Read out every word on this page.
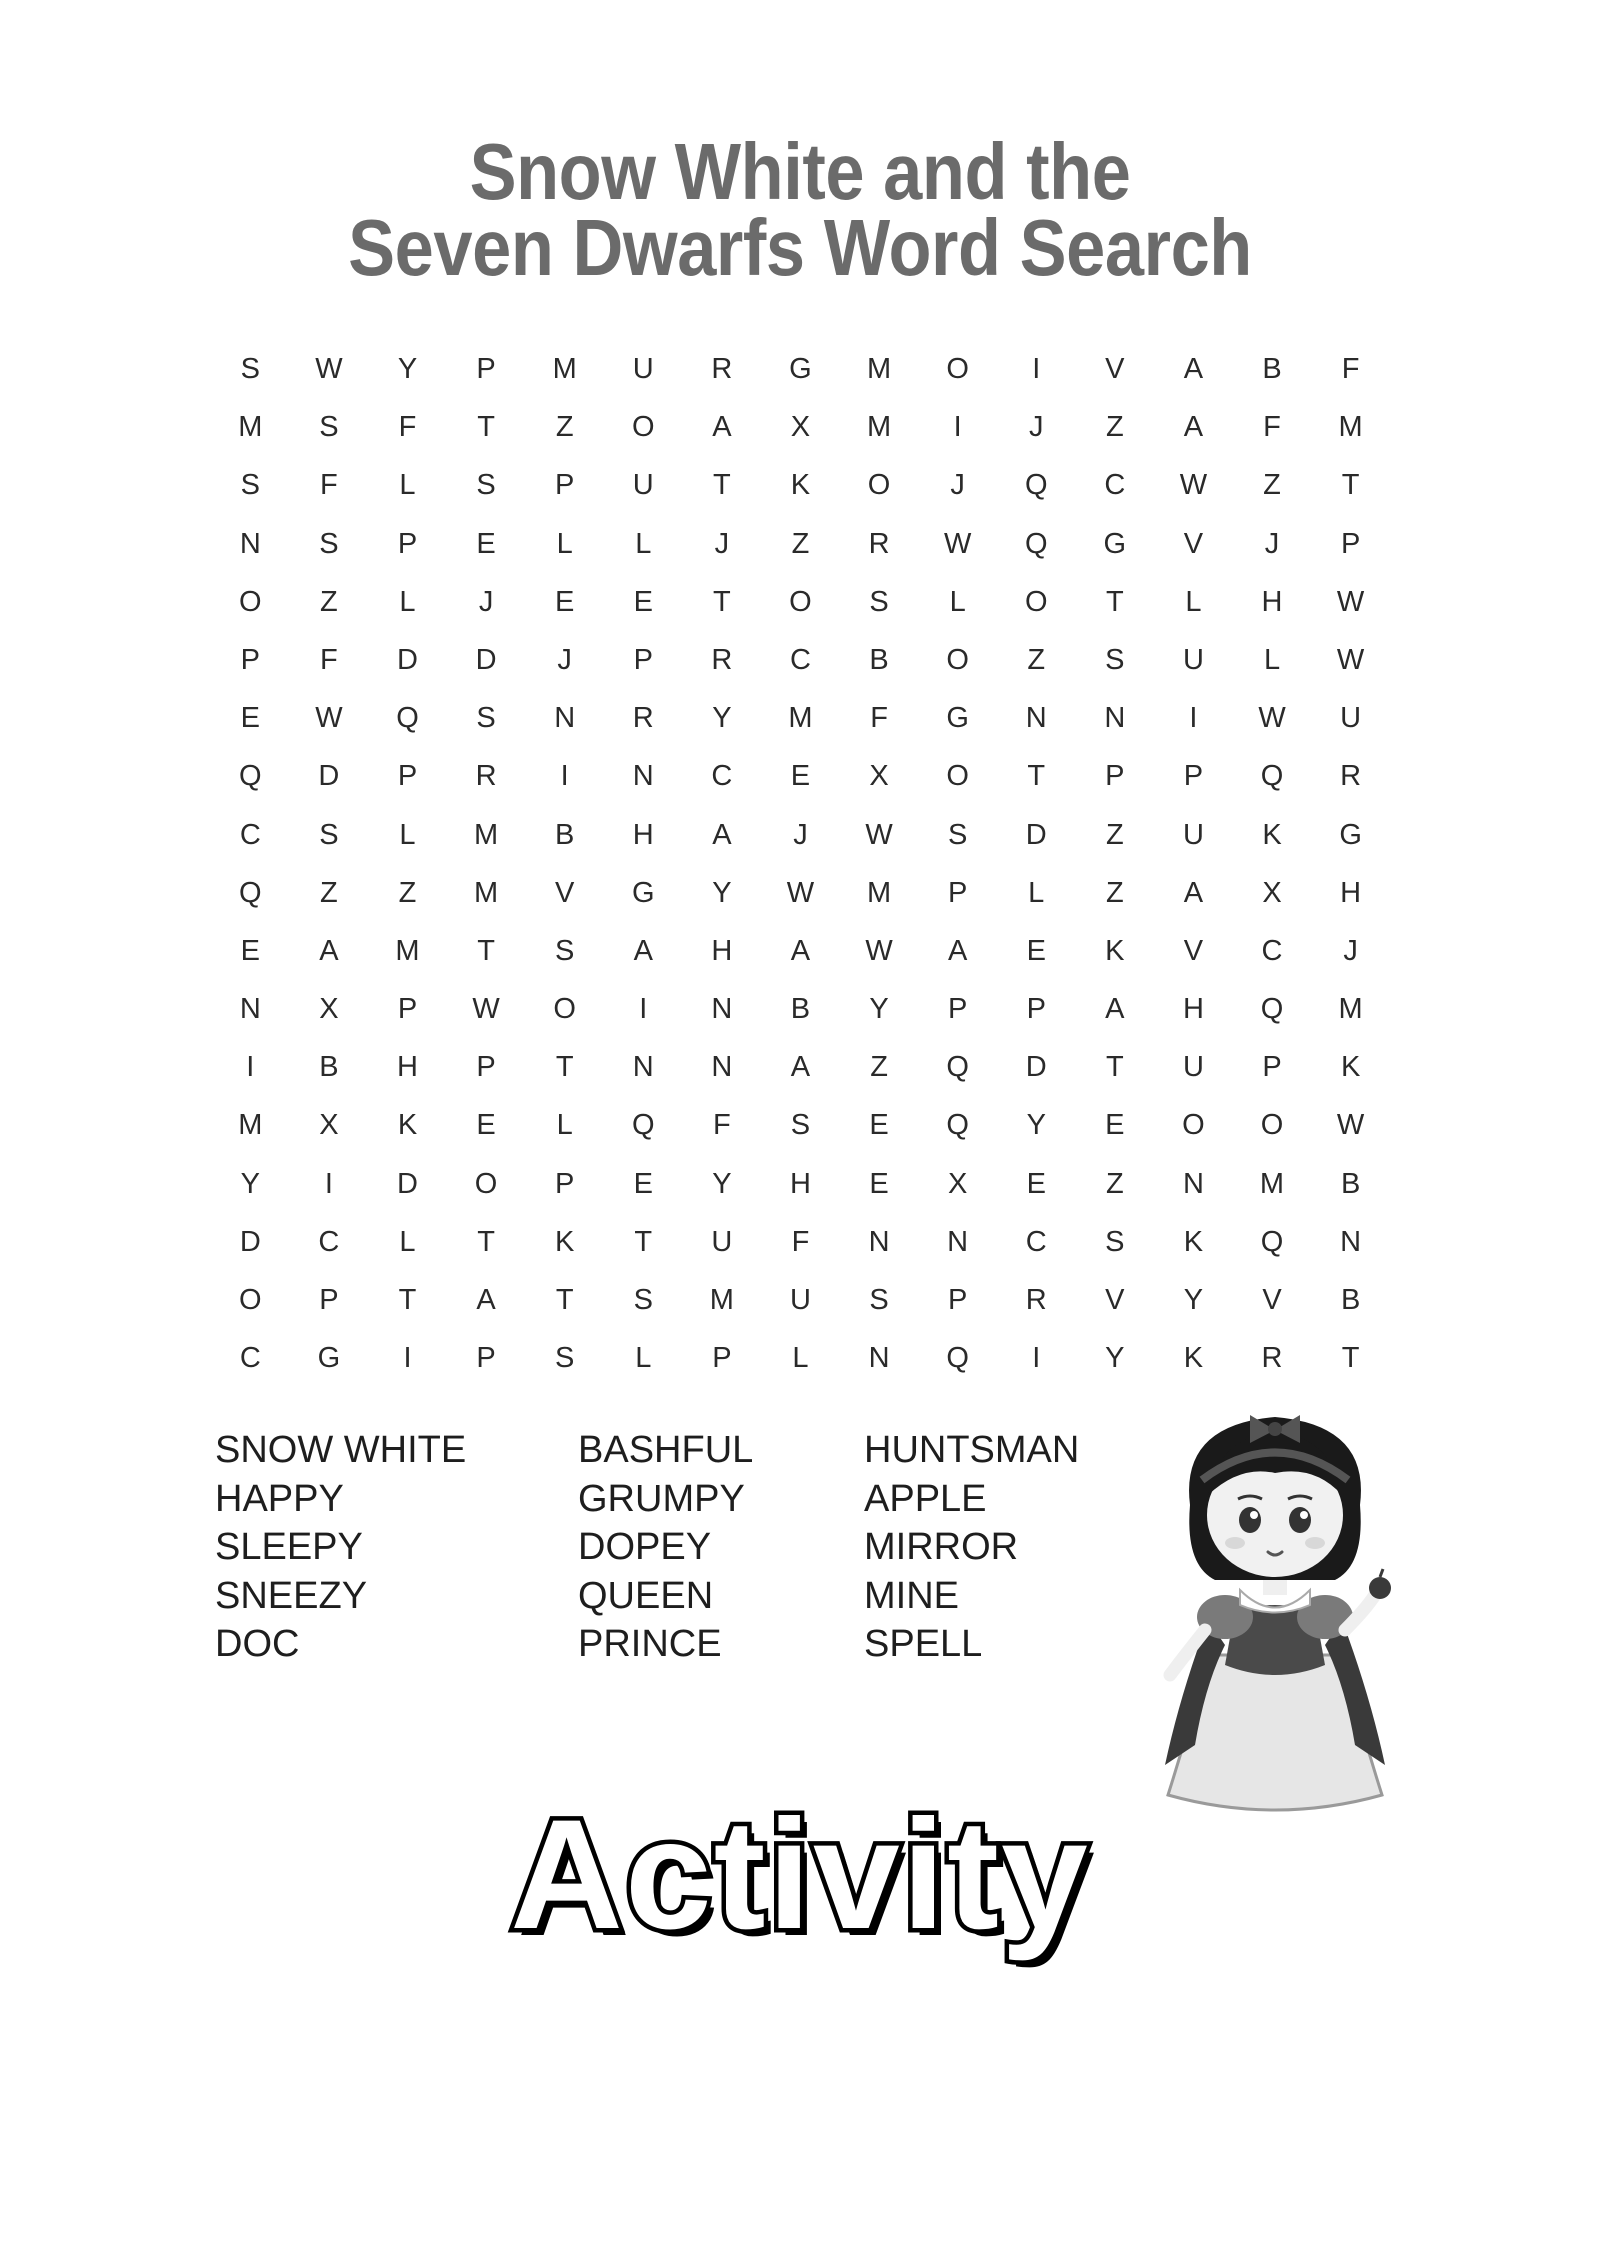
Snow White and the
Seven Dwarfs Word Search
S	W	Y	P	M	U	R	G	M	O	I	V	A	B	F
M	S	F	T	Z	O	A	X	M	I	J	Z	A	F	M
S	F	L	S	P	U	T	K	O	J	Q	C	W	Z	T
N	S	P	E	L	L	J	Z	R	W	Q	G	V	J	P
O	Z	L	J	E	E	T	O	S	L	O	T	L	H	W
P	F	D	D	J	P	R	C	B	O	Z	S	U	L	W
E	W	Q	S	N	R	Y	M	F	G	N	N	I	W	U
Q	D	P	R	I	N	C	E	X	O	T	P	P	Q	R
C	S	L	M	B	H	A	J	W	S	D	Z	U	K	G
Q	Z	Z	M	V	G	Y	W	M	P	L	Z	A	X	H
E	A	M	T	S	A	H	A	W	A	E	K	V	C	J
N	X	P	W	O	I	N	B	Y	P	P	A	H	Q	M
I	B	H	P	T	N	N	A	Z	Q	D	T	U	P	K
M	X	K	E	L	Q	F	S	E	Q	Y	E	O	O	W
Y	I	D	O	P	E	Y	H	E	X	E	Z	N	M	B
D	C	L	T	K	T	U	F	N	N	C	S	K	Q	N
O	P	T	A	T	S	M	U	S	P	R	V	Y	V	B
C	G	I	P	S	L	P	L	N	Q	I	Y	K	R	T
SNOW WHITE
HAPPY
SLEEPY
SNEEZY
DOC
BASHFUL
GRUMPY
DOPEY
QUEEN
PRINCE
HUNTSMAN
APPLE
MIRROR
MINE
SPELL
Activity
